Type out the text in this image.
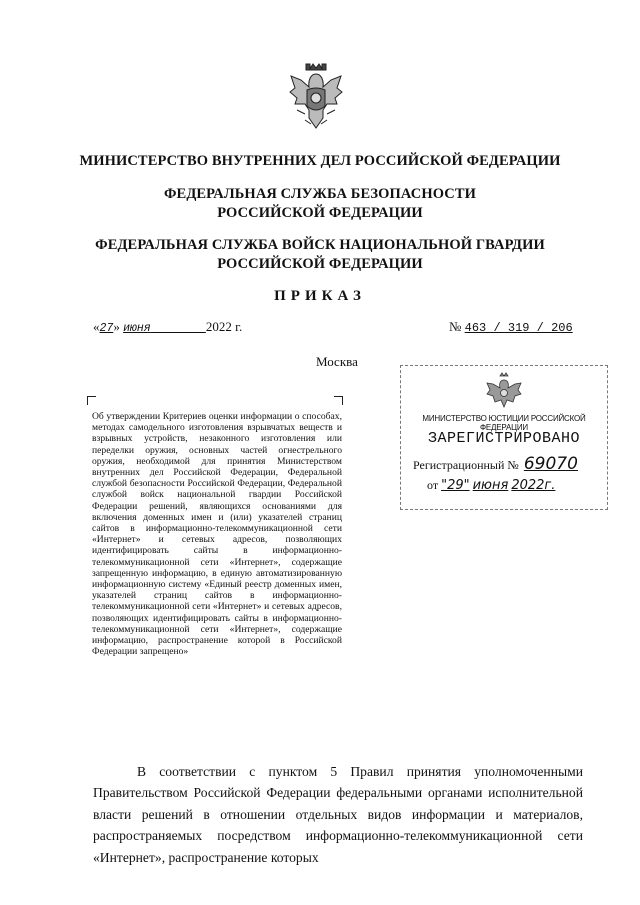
МИНИСТЕРСТВО ВНУТРЕННИХ ДЕЛ РОССИЙСКОЙ ФЕДЕРАЦИИ
ФЕДЕРАЛЬНАЯ СЛУЖБА БЕЗОПАСНОСТИ
РОССИЙСКОЙ ФЕДЕРАЦИИ
ФЕДЕРАЛЬНАЯ СЛУЖБА ВОЙСК НАЦИОНАЛЬНОЙ ГВАРДИИ
РОССИЙСКОЙ ФЕДЕРАЦИИ
ПРИКАЗ
«27» июня	2022 г.	№ 463 / 319 / 206
Москва
Об утверждении Критериев оценки информации о способах, методах самодельного изготовления взрывчатых веществ и взрывных устройств, незаконного изготовления или переделки оружия, основных частей огнестрельного оружия, необходимой для принятия Министерством внутренних дел Российской Федерации, Федеральной службой безопасности Российской Федерации, Федеральной службой войск национальной гвардии Российской Федерации решений, являющихся основаниями для включения доменных имен и (или) указателей страниц сайтов в информационно-телекоммуникационной сети «Интернет» и сетевых адресов, позволяющих идентифицировать сайты в информационно-телекоммуникационной сети «Интернет», содержащие запрещенную информацию, в единую автоматизированную информационную систему «Единый реестр доменных имен, указателей страниц сайтов в информационно-телекоммуникационной сети «Интернет» и сетевых адресов, позволяющих идентифицировать сайты в информационно-телекоммуникационной сети «Интернет», содержащие информацию, распространение которой в Российской Федерации запрещено»
МИНИСТЕРСТВО ЮСТИЦИИ РОССИЙСКОЙ ФЕДЕРАЦИИ
ЗАРЕГИСТРИРОВАНО
Регистрационный № 69070
от "29" июня 2022г.
В соответствии с пунктом 5 Правил принятия уполномоченными Правительством Российской Федерации федеральными органами исполнительной власти решений в отношении отдельных видов информации и материалов, распространяемых посредством информационно-телекоммуникационной сети «Интернет», распространение которых
